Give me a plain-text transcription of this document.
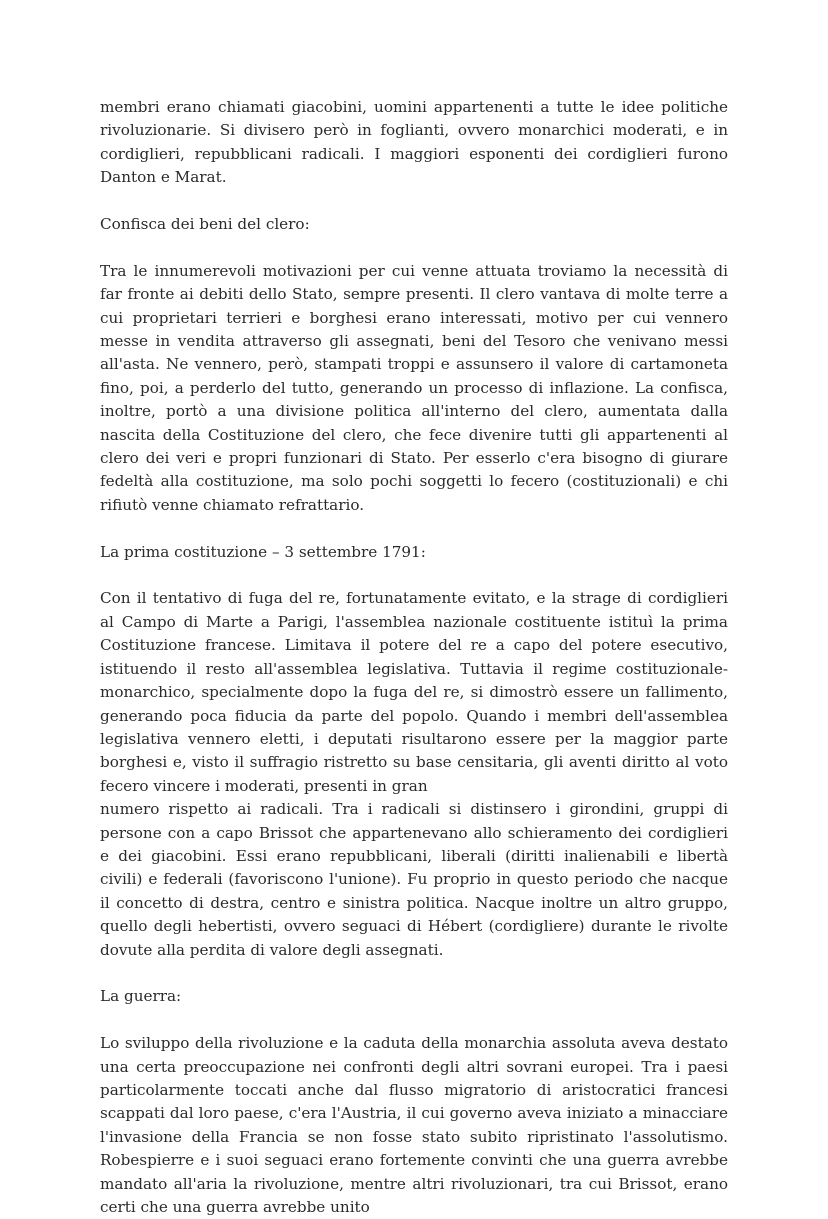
membri erano chiamati giacobini, uomini appartenenti a tutte le idee politiche rivoluzionarie. Si divisero però in foglianti, ovvero monarchici moderati, e in cordiglieri, repubblicani radicali. I maggiori esponenti dei cordiglieri furono Danton e Marat.

Confisca dei beni del clero:

Tra le innumerevoli motivazioni per cui venne attuata troviamo la necessità di far fronte ai debiti dello Stato, sempre presenti. Il clero vantava di molte terre a cui proprietari terrieri e borghesi erano interessati, motivo per cui vennero messe in vendita attraverso gli assegnati, beni del Tesoro che venivano messi all'asta. Ne vennero, però, stampati troppi e assunsero il valore di cartamoneta fino, poi, a perderlo del tutto, generando un processo di inflazione. La confisca, inoltre, portò a una divisione politica all'interno del clero, aumentata dalla nascita della Costituzione del clero, che fece divenire tutti gli appartenenti al clero dei veri e propri funzionari di Stato. Per esserlo c'era bisogno di giurare fedeltà alla costituzione, ma solo pochi soggetti lo fecero (costituzionali) e chi rifiutò venne chiamato refrattario.

La prima costituzione – 3 settembre 1791:

Con il tentativo di fuga del re, fortunatamente evitato, e la strage di cordiglieri al Campo di Marte a Parigi, l'assemblea nazionale costituente istituì la prima Costituzione francese. Limitava il potere del re a capo del potere esecutivo, istituendo il resto all'assemblea legislativa. Tuttavia il regime costituzionale-monarchico, specialmente dopo la fuga del re, si dimostrò essere un fallimento, generando poca fiducia da parte del popolo. Quando i membri dell'assemblea legislativa vennero eletti, i deputati risultarono essere per la maggior parte borghesi e, visto il suffragio ristretto su base censitaria, gli aventi diritto al voto fecero vincere i moderati, presenti in gran

numero rispetto ai radicali. Tra i radicali si distinsero i girondini, gruppi di persone con a capo Brissot che appartenevano allo schieramento dei cordiglieri e dei giacobini. Essi erano repubblicani, liberali (diritti inalienabili e libertà civili) e federali (favoriscono l'unione). Fu proprio in questo periodo che nacque il concetto di destra, centro e sinistra politica. Nacque inoltre un altro gruppo, quello degli hebertisti, ovvero seguaci di Hébert (cordigliere) durante le rivolte dovute alla perdita di valore degli assegnati.

La guerra:

Lo sviluppo della rivoluzione e la caduta della monarchia assoluta aveva destato una certa preoccupazione nei confronti degli altri sovrani europei. Tra i paesi particolarmente toccati anche dal flusso migratorio di aristocratici francesi scappati dal loro paese, c'era l'Austria, il cui governo aveva iniziato a minacciare l'invasione della Francia se non fosse stato subito ripristinato l'assolutismo. Robespierre e i suoi seguaci erano fortemente convinti che una guerra avrebbe mandato all'aria la rivoluzione, mentre altri rivoluzionari, tra cui Brissot, erano certi che una guerra avrebbe unito
